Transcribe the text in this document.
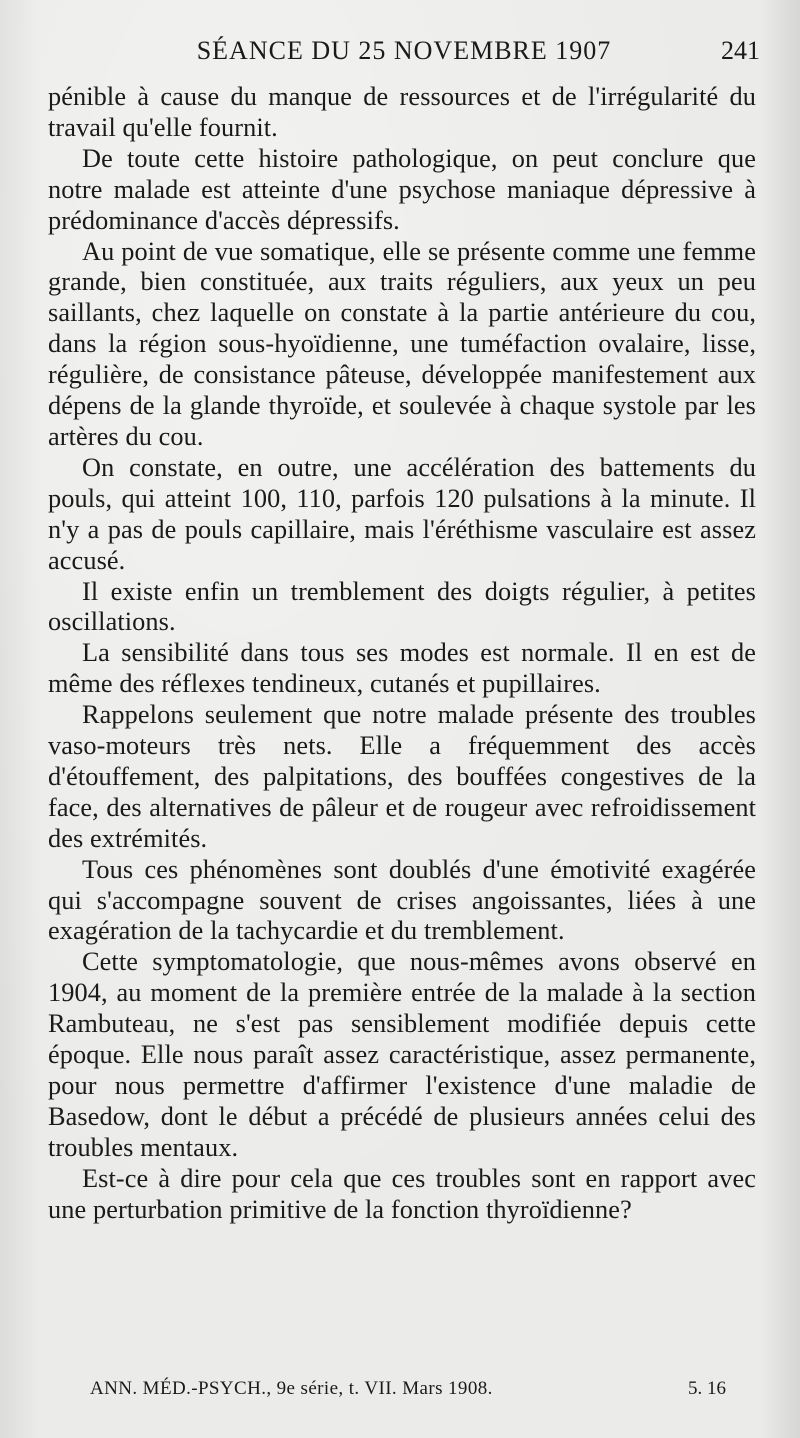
SÉANCE DU 25 NOVEMBRE 1907	241

pénible à cause du manque de ressources et de l'irrégularité du travail qu'elle fournit.

De toute cette histoire pathologique, on peut conclure que notre malade est atteinte d'une psychose maniaque dépressive à prédominance d'accès dépressifs.

Au point de vue somatique, elle se présente comme une femme grande, bien constituée, aux traits réguliers, aux yeux un peu saillants, chez laquelle on constate à la partie antérieure du cou, dans la région sous-hyoïdienne, une tuméfaction ovalaire, lisse, régulière, de consistance pâteuse, développée manifestement aux dépens de la glande thyroïde, et soulevée à chaque systole par les artères du cou.

On constate, en outre, une accélération des battements du pouls, qui atteint 100, 110, parfois 120 pulsations à la minute. Il n'y a pas de pouls capillaire, mais l'éréthisme vasculaire est assez accusé.

Il existe enfin un tremblement des doigts régulier, à petites oscillations.

La sensibilité dans tous ses modes est normale. Il en est de même des réflexes tendineux, cutanés et pupillaires.

Rappelons seulement que notre malade présente des troubles vaso-moteurs très nets. Elle a fréquemment des accès d'étouffement, des palpitations, des bouffées congestives de la face, des alternatives de pâleur et de rougeur avec refroidissement des extrémités.

Tous ces phénomènes sont doublés d'une émotivité exagérée qui s'accompagne souvent de crises angoissantes, liées à une exagération de la tachycardie et du tremblement.

Cette symptomatologie, que nous-mêmes avons observé en 1904, au moment de la première entrée de la malade à la section Rambuteau, ne s'est pas sensiblement modifiée depuis cette époque. Elle nous paraît assez caractéristique, assez permanente, pour nous permettre d'affirmer l'existence d'une maladie de Basedow, dont le début a précédé de plusieurs années celui des troubles mentaux.

Est-ce à dire pour cela que ces troubles sont en rapport avec une perturbation primitive de la fonction thyroïdienne?

ANN. MÉD.-PSYCH., 9e série, t. VII. Mars 1908.	5. 16
